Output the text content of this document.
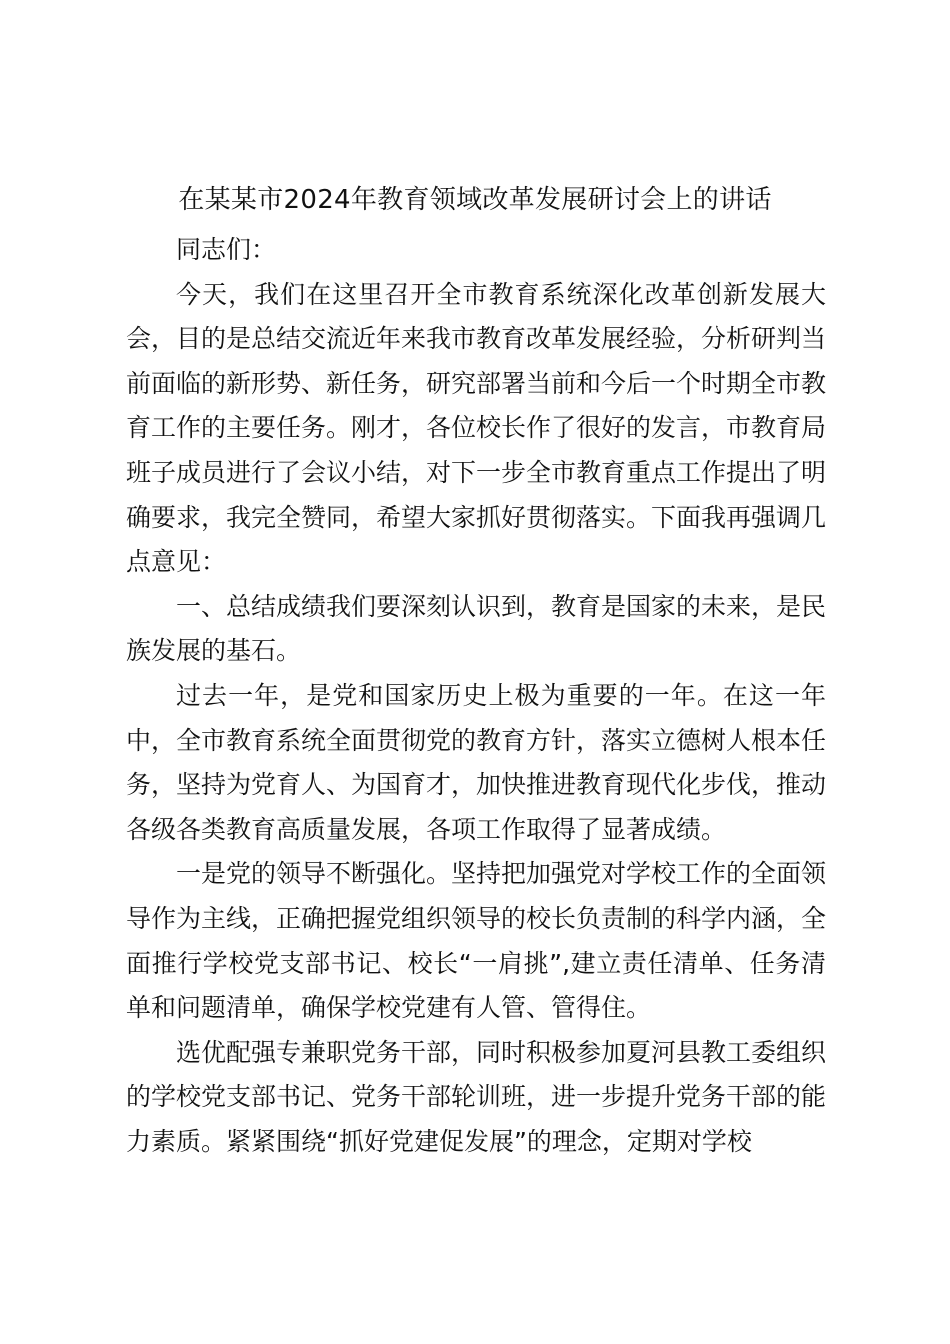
在某某市2024年教育领域改革发展研讨会上的讲话

同志们：

今天，我们在这里召开全市教育系统深化改革创新发展大会，目的是总结交流近年来我市教育改革发展经验，分析研判当前面临的新形势、新任务，研究部署当前和今后一个时期全市教育工作的主要任务。刚才，各位校长作了很好的发言，市教育局班子成员进行了会议小结，对下一步全市教育重点工作提出了明确要求，我完全赞同，希望大家抓好贯彻落实。下面我再强调几点意见：

一、总结成绩我们要深刻认识到，教育是国家的未来，是民族发展的基石。

过去一年，是党和国家历史上极为重要的一年。在这一年中，全市教育系统全面贯彻党的教育方针，落实立德树人根本任务，坚持为党育人、为国育才，加快推进教育现代化步伐，推动各级各类教育高质量发展，各项工作取得了显著成绩。

一是党的领导不断强化。坚持把加强党对学校工作的全面领导作为主线，正确把握党组织领导的校长负责制的科学内涵，全面推行学校党支部书记、校长“一肩挑”,建立责任清单、任务清单和问题清单，确保学校党建有人管、管得住。

选优配强专兼职党务干部，同时积极参加夏河县教工委组织的学校党支部书记、党务干部轮训班，进一步提升党务干部的能力素质。紧紧围绕“抓好党建促发展”的理念，定期对学校
